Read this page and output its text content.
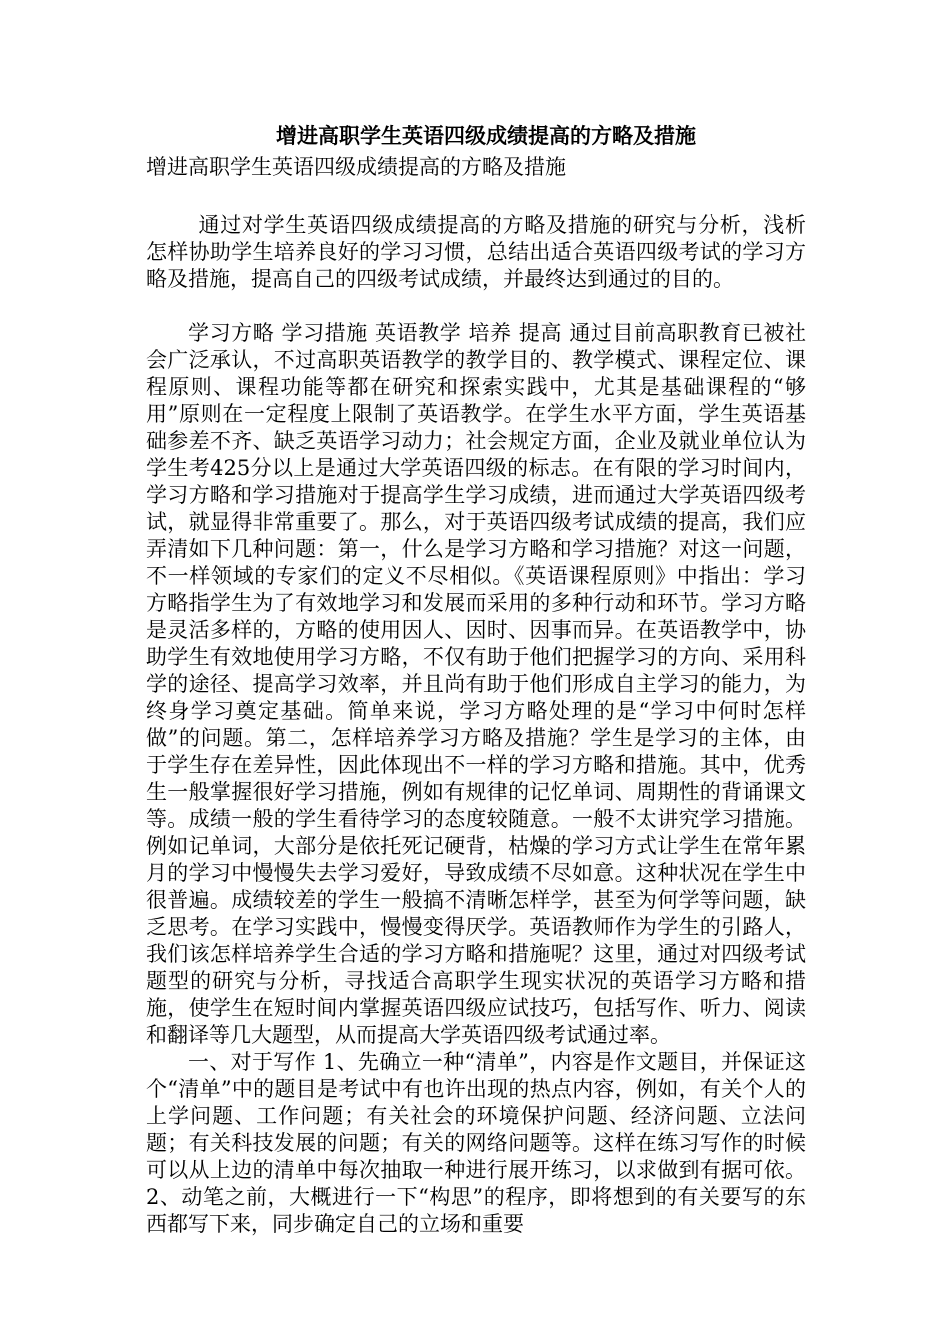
增进高职学生英语四级成绩提高的方略及措施

增进高职学生英语四级成绩提高的方略及措施

通过对学生英语四级成绩提高的方略及措施的研究与分析，浅析怎样协助学生培养良好的学习习惯，总结出适合英语四级考试的学习方略及措施，提高自己的四级考试成绩，并最终达到通过的目的。

学习方略 学习措施 英语教学 培养 提高 通过目前高职教育已被社会广泛承认，不过高职英语教学的教学目的、教学模式、课程定位、课程原则、课程功能等都在研究和探索实践中，尤其是基础课程的“够用”原则在一定程度上限制了英语教学。在学生水平方面，学生英语基础参差不齐、缺乏英语学习动力；社会规定方面，企业及就业单位认为学生考425分以上是通过大学英语四级的标志。在有限的学习时间内，学习方略和学习措施对于提高学生学习成绩，进而通过大学英语四级考试，就显得非常重要了。那么，对于英语四级考试成绩的提高，我们应弄清如下几种问题：第一，什么是学习方略和学习措施？对这一问题，不一样领域的专家们的定义不尽相似。《英语课程原则》中指出：学习方略指学生为了有效地学习和发展而采用的多种行动和环节。学习方略是灵活多样的，方略的使用因人、因时、因事而异。在英语教学中，协助学生有效地使用学习方略，不仅有助于他们把握学习的方向、采用科学的途径、提高学习效率，并且尚有助于他们形成自主学习的能力，为终身学习奠定基础。简单来说，学习方略处理的是“学习中何时怎样做”的问题。第二，怎样培养学习方略及措施？学生是学习的主体，由于学生存在差异性，因此体现出不一样的学习方略和措施。其中，优秀生一般掌握很好学习措施，例如有规律的记忆单词、周期性的背诵课文等。成绩一般的学生看待学习的态度较随意。一般不太讲究学习措施。例如记单词，大部分是依托死记硬背，枯燥的学习方式让学生在常年累月的学习中慢慢失去学习爱好，导致成绩不尽如意。这种状况在学生中很普遍。成绩较差的学生一般搞不清晰怎样学，甚至为何学等问题，缺乏思考。在学习实践中，慢慢变得厌学。英语教师作为学生的引路人，我们该怎样培养学生合适的学习方略和措施呢？这里，通过对四级考试题型的研究与分析，寻找适合高职学生现实状况的英语学习方略和措施，使学生在短时间内掌握英语四级应试技巧，包括写作、听力、阅读和翻译等几大题型，从而提高大学英语四级考试通过率。

一、对于写作 1、先确立一种“清单”，内容是作文题目，并保证这个“清单”中的题目是考试中有也许出现的热点内容，例如，有关个人的上学问题、工作问题；有关社会的环境保护问题、经济问题、立法问题；有关科技发展的问题；有关的网络问题等。这样在练习写作的时候可以从上边的清单中每次抽取一种进行展开练习，以求做到有据可依。2、动笔之前，大概进行一下“构思”的程序，即将想到的有关要写的东西都写下来，同步确定自己的立场和重要
